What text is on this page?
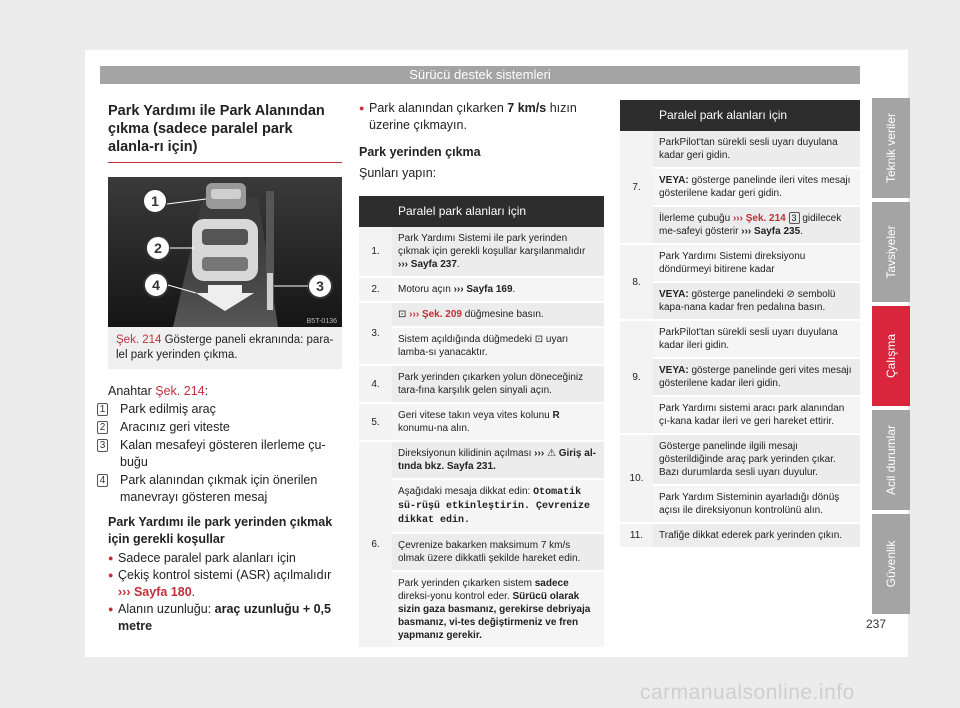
Sürücü destek sistemleri
Park Yardımı ile Park Alanından çıkma (sadece paralel park alanla-rı için)
1
2
3
4
B5T-0136
Şek. 214 Gösterge paneli ekranında: para-lel park yerinden çıkma.

Anahtar Şek. 214:

1 Park edilmiş araç
2 Aracınız geri viteste
3 Kalan mesafeyi gösteren ilerleme çu-buğu
4 Park alanından çıkmak için önerilen manevrayı gösteren mesaj

Park Yardımı ile park yerinden çıkmak için gerekli koşullar

● Sadece paralel park alanları için
● Çekiş kontrol sistemi (ASR) açılmalıdır ››› Sayfa 180.
● Alanın uzunluğu: araç uzunluğu + 0,5 metre
● Park alanından çıkarken 7 km/s hızın üzerine çıkmayın.

Park yerinden çıkma

Şunları yapın:

	Paralel park alanları için
1.	Park Yardımı Sistemi ile park yerinden çıkmak için gerekli koşullar karşılanmalıdır ››› Sayfa 237.
2.	Motoru açın ››› Sayfa 169.
3.	⊡ ››› Şek. 209 düğmesine basın.
	Sistem açıldığında düğmedeki ⊡ uyarı lamba-sı yanacaktır.
4.	Park yerinden çıkarken yolun döneceğiniz tara-fına karşılık gelen sinyali açın.
5.	Geri vitese takın veya vites kolunu R konumu-na alın.
6.	Direksiyonun kilidinin açılması ››› ⚠ Giriş al-tında bkz. Sayfa 231.
	Aşağıdaki mesaja dikkat edin: Otomatik sü-rüşü etkinleştirin. Çevrenize dikkat edin.
	Çevrenize bakarken maksimum 7 km/s olmak üzere dikkatli şekilde hareket edin.
	Park yerinden çıkarken sistem sadece direksi-yonu kontrol eder. Sürücü olarak sizin gaza basmanız, gerekirse debriyaja basmanız, vi-tes değiştirmeniz ve fren yapmanız gerekir.
	Paralel park alanları için
7.	ParkPilot'tan sürekli sesli uyarı duyulana kadar geri gidin.
	VEYA: gösterge panelinde ileri vites mesajı gösterilene kadar geri gidin.
	İlerleme çubuğu ››› Şek. 214 3 gidilecek me-safeyi gösterir ››› Sayfa 235.
8.	Park Yardımı Sistemi direksiyonu döndürmeyi bitirene kadar
	VEYA: gösterge panelindeki ⊘ sembolü kapa-nana kadar fren pedalına basın.
9.	ParkPilot'tan sürekli sesli uyarı duyulana kadar ileri gidin.
	VEYA: gösterge panelinde geri vites mesajı gösterilene kadar ileri gidin.
	Park Yardımı sistemi aracı park alanından çı-kana kadar ileri ve geri hareket ettirir.
10.	Gösterge panelinde ilgili mesajı gösterildiğinde araç park yerinden çıkar. Bazı durumlarda sesli uyarı duyulur.
	Park Yardım Sisteminin ayarladığı dönüş açısı ile direksiyonun kontrolünü alın.
11.	Trafiğe dikkat ederek park yerinden çıkın.
Teknik veriler
Tavsiyeler
Çalışma
Acil durumlar
Güvenlik
237
carmanualsonline.info
